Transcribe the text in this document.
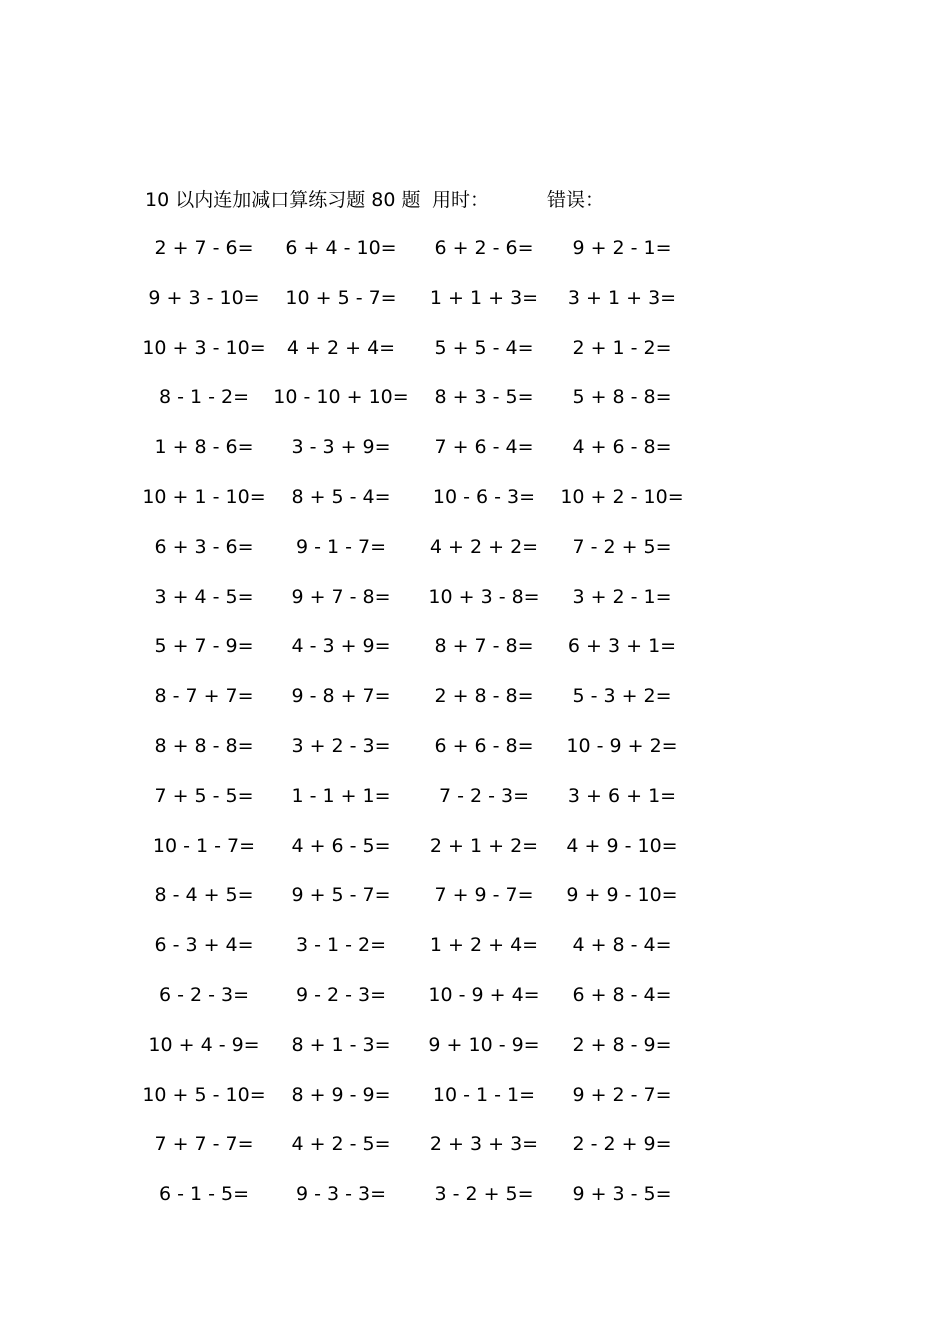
10 以内连加减口算练习题 80 题 用时：	错误：
2 + 7 - 6=	6 + 4 - 10=	6 + 2 - 6=	9 + 2 - 1=
9 + 3 - 10=	10 + 5 - 7=	1 + 1 + 3=	3 + 1 + 3=
10 + 3 - 10=	4 + 2 + 4=	5 + 5 - 4=	2 + 1 - 2=
8 - 1 - 2=	10 - 10 + 10=	8 + 3 - 5=	5 + 8 - 8=
1 + 8 - 6=	3 - 3 + 9=	7 + 6 - 4=	4 + 6 - 8=
10 + 1 - 10=	8 + 5 - 4=	10 - 6 - 3=	10 + 2 - 10=
6 + 3 - 6=	9 - 1 - 7=	4 + 2 + 2=	7 - 2 + 5=
3 + 4 - 5=	9 + 7 - 8=	10 + 3 - 8=	3 + 2 - 1=
5 + 7 - 9=	4 - 3 + 9=	8 + 7 - 8=	6 + 3 + 1=
8 - 7 + 7=	9 - 8 + 7=	2 + 8 - 8=	5 - 3 + 2=
8 + 8 - 8=	3 + 2 - 3=	6 + 6 - 8=	10 - 9 + 2=
7 + 5 - 5=	1 - 1 + 1=	7 - 2 - 3=	3 + 6 + 1=
10 - 1 - 7=	4 + 6 - 5=	2 + 1 + 2=	4 + 9 - 10=
8 - 4 + 5=	9 + 5 - 7=	7 + 9 - 7=	9 + 9 - 10=
6 - 3 + 4=	3 - 1 - 2=	1 + 2 + 4=	4 + 8 - 4=
6 - 2 - 3=	9 - 2 - 3=	10 - 9 + 4=	6 + 8 - 4=
10 + 4 - 9=	8 + 1 - 3=	9 + 10 - 9=	2 + 8 - 9=
10 + 5 - 10=	8 + 9 - 9=	10 - 1 - 1=	9 + 2 - 7=
7 + 7 - 7=	4 + 2 - 5=	2 + 3 + 3=	2 - 2 + 9=
6 - 1 - 5=	9 - 3 - 3=	3 - 2 + 5=	9 + 3 - 5=
